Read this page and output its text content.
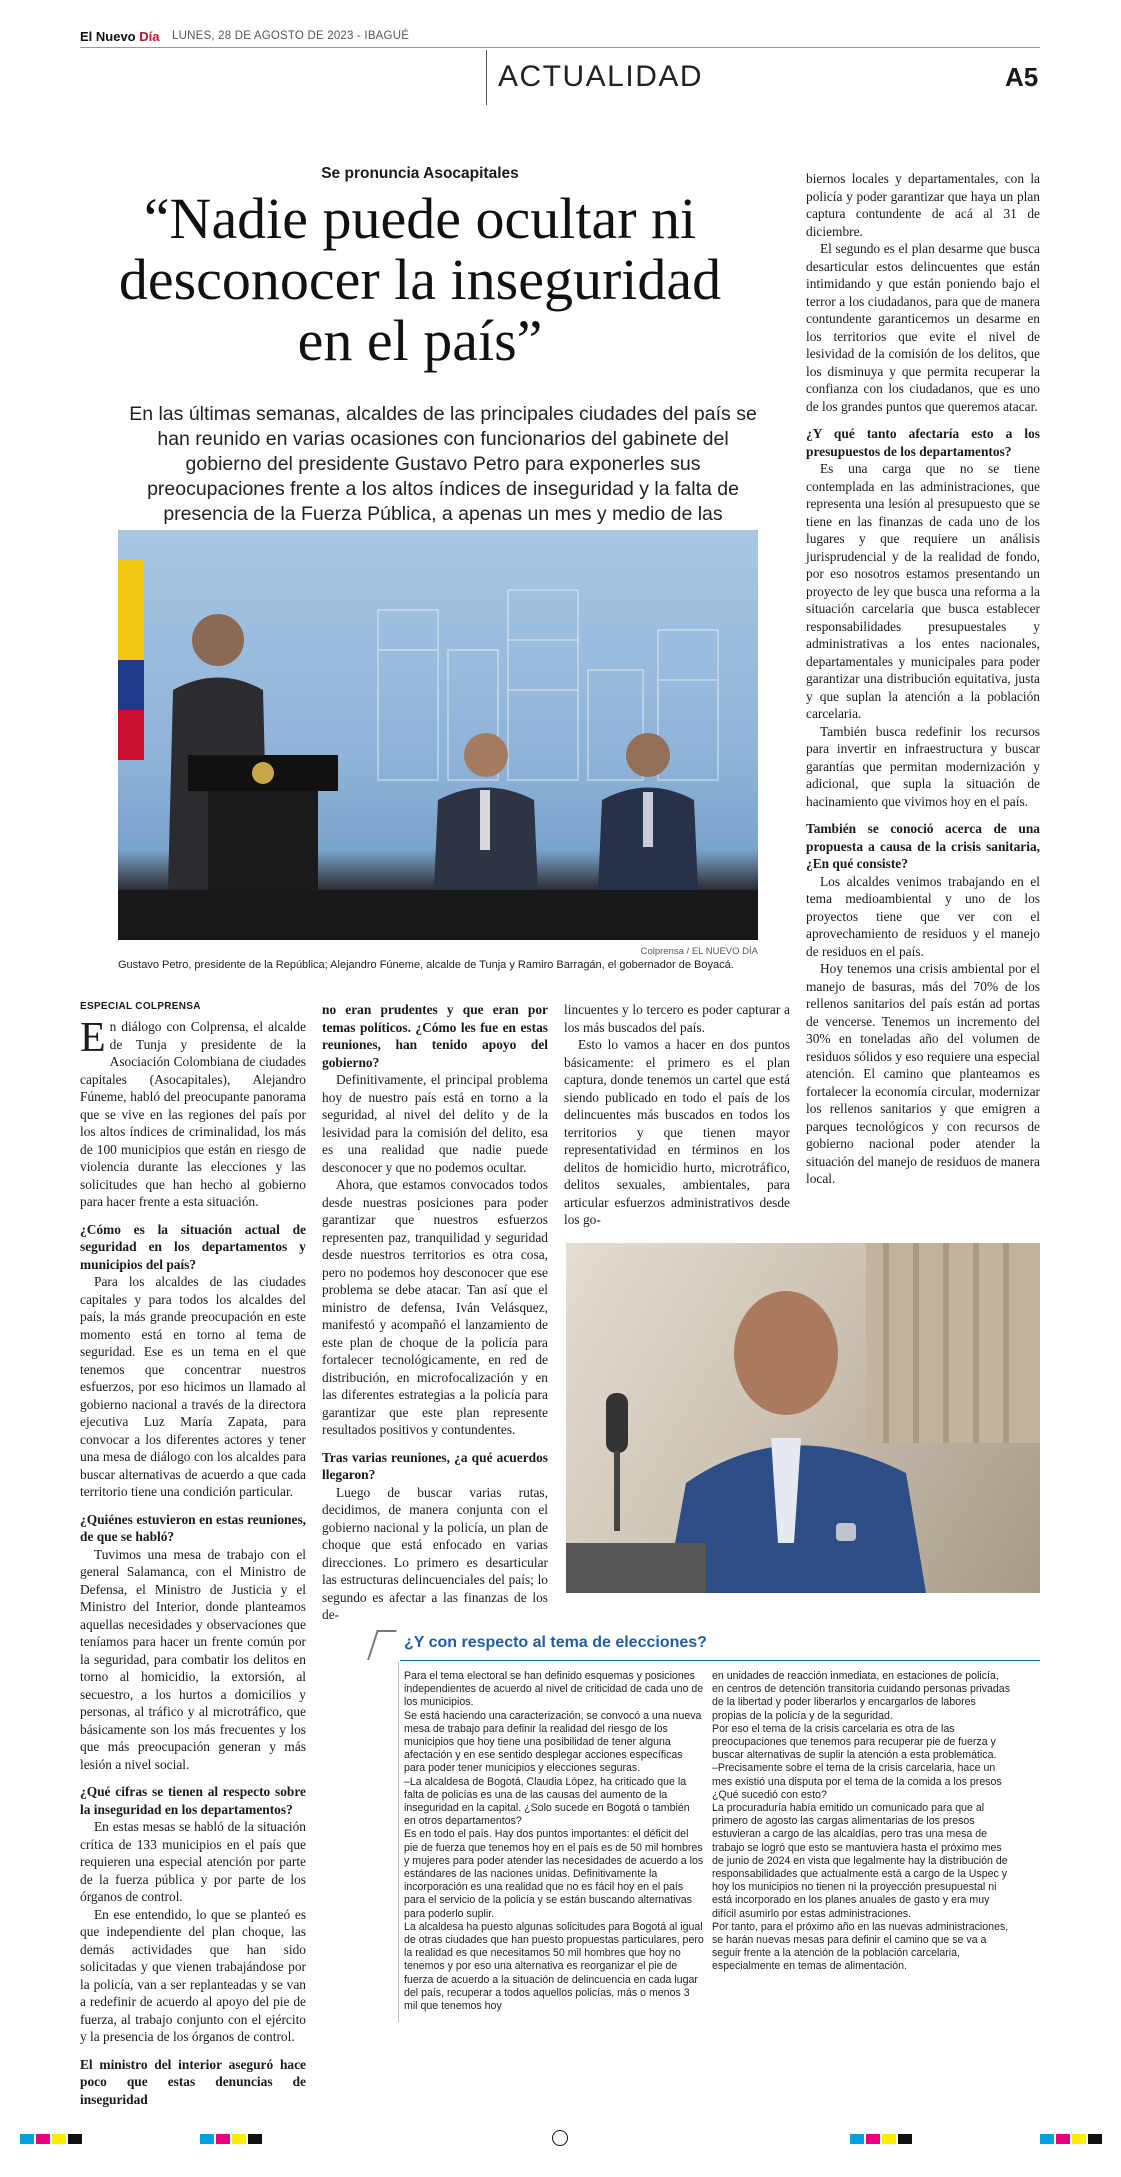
El Nuevo Día LUNES, 28 DE AGOSTO DE 2023 - IBAGUÉ
ACTUALIDAD	A5
Se pronuncia Asocapitales
“Nadie puede ocultar ni desconocer la inseguridad en el país”
En las últimas semanas, alcaldes de las principales ciudades del país se han reunido en varias ocasiones con funcionarios del gabinete del gobierno del presidente Gustavo Petro para exponerles sus preocupaciones frente a los altos índices de inseguridad y la falta de presencia de la Fuerza Pública, a apenas un mes y medio de las
Colprensa / EL NUEVO DÍA
Gustavo Petro, presidente de la República; Alejandro Fúneme, alcalde de Tunja y Ramiro Barragán, el gobernador de Boyacá.
ESPECIAL COLPRENSA
En diálogo con Colprensa, el alcalde de Tunja y presidente de la Asociación Colombiana de ciudades capitales (Asocapitales), Alejandro Fúneme, habló del preocupante panorama que se vive en las regiones del país por los altos índices de criminalidad, los más de 100 municipios que están en riesgo de violencia durante las elecciones y las solicitudes que han hecho al gobierno para hacer frente a esta situación.

¿Cómo es la situación actual de seguridad en los departamentos y municipios del país?

Para los alcaldes de las ciudades capitales y para todos los alcaldes del país, la más grande preocupación en este momento está en torno al tema de seguridad. Ese es un tema en el que tenemos que concentrar nuestros esfuerzos, por eso hicimos un llamado al gobierno nacional a través de la directora ejecutiva Luz María Zapata, para convocar a los diferentes actores y tener una mesa de diálogo con los alcaldes para buscar alternativas de acuerdo a que cada territorio tiene una condición particular.

¿Quiénes estuvieron en estas reuniones, de que se habló?

Tuvimos una mesa de trabajo con el general Salamanca, con el Ministro de Defensa, el Ministro de Justicia y el Ministro del Interior, donde planteamos aquellas necesidades y observaciones que teníamos para hacer un frente común por la seguridad, para combatir los delitos en torno al homicidio, la extorsión, al secuestro, a los hurtos a domicilios y personas, al tráfico y al microtráfico, que básicamente son los más frecuentes y los que más preocupación generan y más lesión a nivel social.

¿Qué cifras se tienen al respecto sobre la inseguridad en los departamentos?

En estas mesas se habló de la situación crítica de 133 municipios en el país que requieren una especial atención por parte de la fuerza pública y por parte de los órganos de control.

En ese entendido, lo que se planteó es que independiente del plan choque, las demás actividades que han sido solicitadas y que vienen trabajándose por la policía, van a ser replanteadas y se van a redefinir de acuerdo al apoyo del pie de fuerza, al trabajo conjunto con el ejército y la presencia de los órganos de control.

El ministro del interior aseguró hace poco que estas denuncias de inseguridad

no eran prudentes y que eran por temas políticos. ¿Cómo les fue en estas reuniones, han tenido apoyo del gobierno?

Definitivamente, el principal problema hoy de nuestro país está en torno a la seguridad, al nivel del delito y de la lesividad para la comisión del delito, esa es una realidad que nadie puede desconocer y que no podemos ocultar.

Ahora, que estamos convocados todos desde nuestras posiciones para poder garantizar que nuestros esfuerzos representen paz, tranquilidad y seguridad desde nuestros territorios es otra cosa, pero no podemos hoy desconocer que ese problema se debe atacar. Tan así que el ministro de defensa, Iván Velásquez, manifestó y acompañó el lanzamiento de este plan de choque de la policía para fortalecer tecnológicamente, en red de distribución, en microfocalización y en las diferentes estrategias a la policía para garantizar que este plan represente resultados positivos y contundentes.

Tras varias reuniones, ¿a qué acuerdos llegaron?

Luego de buscar varias rutas, decidimos, de manera conjunta con el gobierno nacional y la policía, un plan de choque que está enfocado en varias direcciones. Lo primero es desarticular las estructuras delincuenciales del país; lo segundo es afectar a las finanzas de los de-

lincuentes y lo tercero es poder capturar a los más buscados del país.

Esto lo vamos a hacer en dos puntos básicamente: el primero es el plan captura, donde tenemos un cartel que está siendo publicado en todo el país de los delincuentes más buscados en todos los territorios y que tienen mayor representatividad en términos en los delitos de homicidio hurto, microtráfico, delitos sexuales, ambientales, para articular esfuerzos administrativos desde los go-

biernos locales y departamentales, con la policía y poder garantizar que haya un plan captura contundente de acá al 31 de diciembre.

El segundo es el plan desarme que busca desarticular estos delincuentes que están intimidando y que están poniendo bajo el terror a los ciudadanos, para que de manera contundente garanticemos un desarme en los territorios que evite el nivel de lesividad de la comisión de los delitos, que los disminuya y que permita recuperar la confianza con los ciudadanos, que es uno de los grandes puntos que queremos atacar.

¿Y qué tanto afectaría esto a los presupuestos de los departamentos?

Es una carga que no se tiene contemplada en las administraciones, que representa una lesión al presupuesto que se tiene en las finanzas de cada uno de los lugares y que requiere un análisis jurisprudencial y de la realidad de fondo, por eso nosotros estamos presentando un proyecto de ley que busca una reforma a la situación carcelaria que busca establecer responsabilidades presupuestales y administrativas a los entes nacionales, departamentales y municipales para poder garantizar una distribución equitativa, justa y que suplan la atención a la población carcelaria.

También busca redefinir los recursos para invertir en infraestructura y buscar garantías que permitan modernización y adicional, que supla la situación de hacinamiento que vivimos hoy en el país.

También se conoció acerca de una propuesta a causa de la crisis sanitaria, ¿En qué consiste?

Los alcaldes venimos trabajando en el tema medioambiental y uno de los proyectos tiene que ver con el aprovechamiento de residuos y el manejo de residuos en el país.

Hoy tenemos una crisis ambiental por el manejo de basuras, más del 70% de los rellenos sanitarios del país están ad portas de vencerse. Tenemos un incremento del 30% en toneladas año del volumen de residuos sólidos y eso requiere una especial atención. El camino que planteamos es fortalecer la economía circular, modernizar los rellenos sanitarios y que emigren a parques tecnológicos y con recursos de gobierno nacional poder atender la situación del manejo de residuos de manera local.

¿Y con respecto al tema de elecciones?

Para el tema electoral se han definido esquemas y posiciones independientes de acuerdo al nivel de criticidad de cada uno de los municipios.

Se está haciendo una caracterización, se convocó a una nueva mesa de trabajo para definir la realidad del riesgo de los municipios que hoy tiene una posibilidad de tener alguna afectación y en ese sentido desplegar acciones específicas para poder tener municipios y elecciones seguras.

–La alcaldesa de Bogotá, Claudia López, ha criticado que la falta de policías es una de las causas del aumento de la inseguridad en la capital. ¿Solo sucede en Bogotá o también en otros departamentos?

Es en todo el país. Hay dos puntos importantes: el déficit del pie de fuerza que tenemos hoy en el país es de 50 mil hombres y mujeres para poder atender las necesidades de acuerdo a los estándares de las naciones unidas. Definitivamente la incorporación es una realidad que no es fácil hoy en el país para el servicio de la policía y se están buscando alternativas para poderlo suplir.

La alcaldesa ha puesto algunas solicitudes para Bogotá al igual de otras ciudades que han puesto propuestas particulares, pero la realidad es que necesitamos 50 mil hombres que hoy no tenemos y por eso una alternativa es reorganizar el pie de fuerza de acuerdo a la situación de delincuencia en cada lugar del país, recuperar a todos aquellos policías, más o menos 3 mil que tenemos hoy

en unidades de reacción inmediata, en estaciones de policía, en centros de detención transitoria cuidando personas privadas de la libertad y poder liberarlos y encargarlos de labores propias de la policía y de la seguridad.

Por eso el tema de la crisis carcelaria es otra de las preocupaciones que tenemos para recuperar pie de fuerza y buscar alternativas de suplir la atención a esta problemática.

–Precisamente sobre el tema de la crisis carcelaria, hace un mes existió una disputa por el tema de la comida a los presos ¿Qué sucedió con esto?

La procuraduría había emitido un comunicado para que al primero de agosto las cargas alimentarias de los presos estuvieran a cargo de las alcaldías, pero tras una mesa de trabajo se logró que esto se mantuviera hasta el próximo mes de junio de 2024 en vista que legalmente hay la distribución de responsabilidades que actualmente está a cargo de la Uspec y hoy los municipios no tienen ni la proyección presupuestal ni está incorporado en los planes anuales de gasto y era muy difícil asumirlo por estas administraciones.

Por tanto, para el próximo año en las nuevas administraciones, se harán nuevas mesas para definir el camino que se va a seguir frente a la atención de la población carcelaria, especialmente en temas de alimentación.
